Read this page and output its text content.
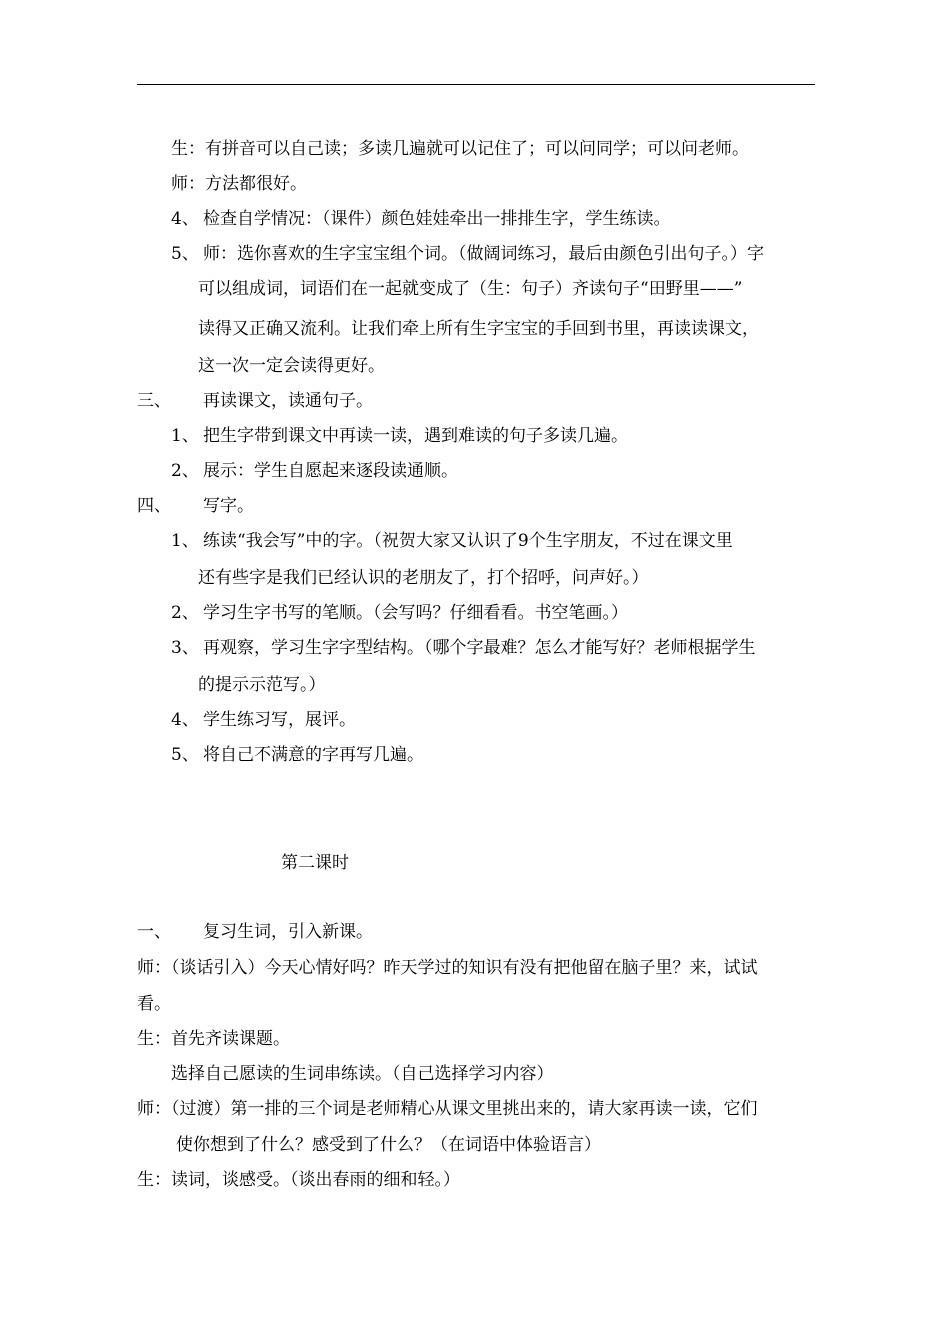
生：有拼音可以自己读；多读几遍就可以记住了；可以问同学；可以问老师。
师：方法都很好。
4、 检查自学情况：（课件）颜色娃娃牵出一排排生字，学生练读。
5、 师：选你喜欢的生字宝宝组个词。（做阔词练习，最后由颜色引出句子。）字
可以组成词，词语们在一起就变成了（生：句子）齐读句子“田野里——”
读得又正确又流利。让我们牵上所有生字宝宝的手回到书里，再读读课文，
这一次一定会读得更好。
三、 再读课文，读通句子。
1、 把生字带到课文中再读一读，遇到难读的句子多读几遍。
2、 展示：学生自愿起来逐段读通顺。
四、 写字。
1、 练读“我会写”中的字。（祝贺大家又认识了9个生字朋友，不过在课文里
还有些字是我们已经认识的老朋友了，打个招呼，问声好。）
2、 学习生字书写的笔顺。（会写吗？仔细看看。书空笔画。）
3、 再观察，学习生字字型结构。（哪个字最难？怎么才能写好？老师根据学生
的提示示范写。）
4、 学生练习写，展评。
5、 将自己不满意的字再写几遍。
第二课时
一、 复习生词，引入新课。
师：（谈话引入）今天心情好吗？昨天学过的知识有没有把他留在脑子里？来，试试
看。
生：首先齐读课题。
选择自己愿读的生词串练读。（自己选择学习内容）
师：（过渡）第一排的三个词是老师精心从课文里挑出来的，请大家再读一读，它们
使你想到了什么？感受到了什么？（在词语中体验语言）
生：读词，谈感受。（谈出春雨的细和轻。）
